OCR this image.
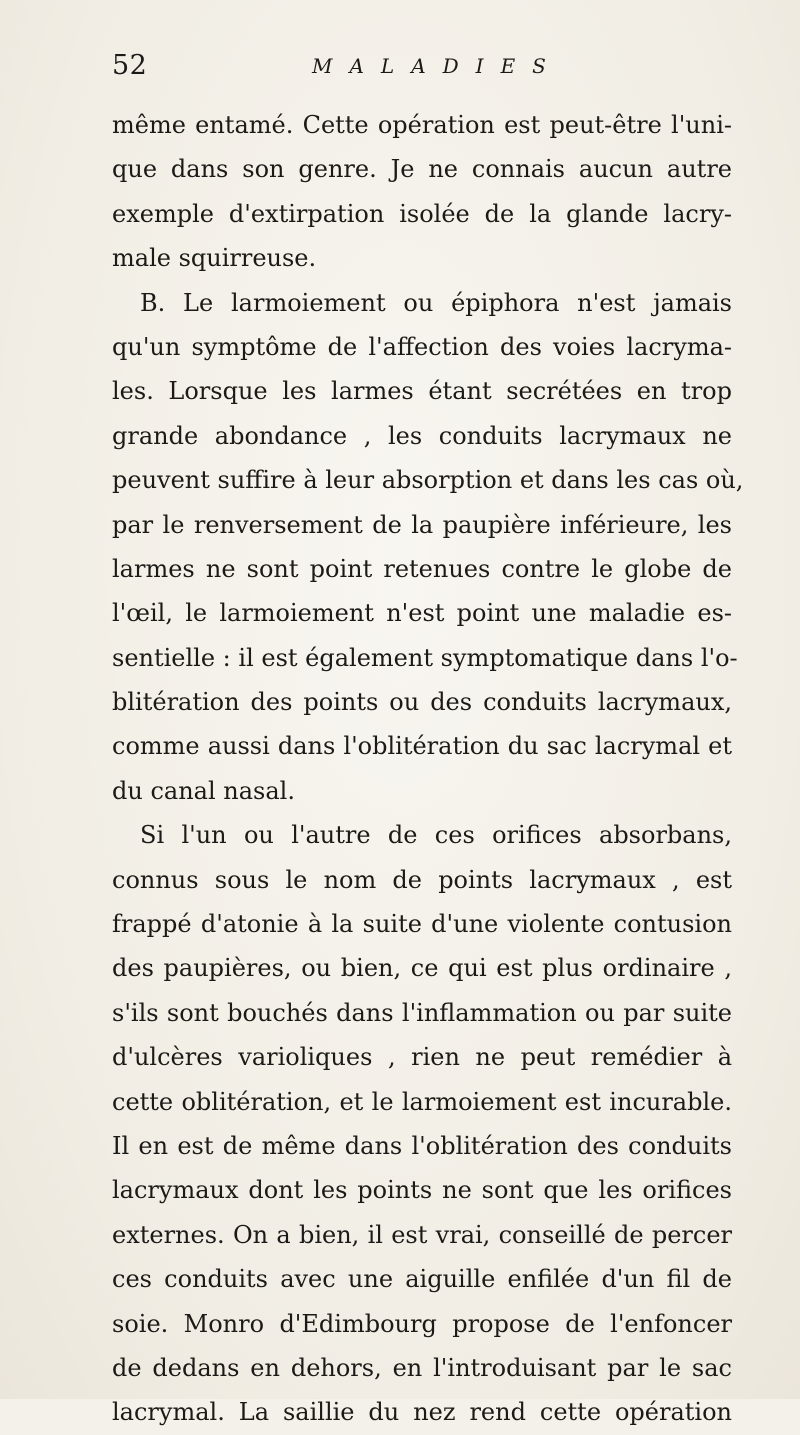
52	MALADIES
même entamé. Cette opération est peut-être l'uni-
que dans son genre. Je ne connais aucun autre
exemple d'extirpation isolée de la glande lacry-
male squirreuse.
B. Le larmoiement ou épiphora n'est jamais
qu'un symptôme de l'affection des voies lacryma-
les. Lorsque les larmes étant secrétées en trop
grande abondance , les conduits lacrymaux ne
peuvent suffire à leur absorption et dans les cas où,
par le renversement de la paupière inférieure, les
larmes ne sont point retenues contre le globe de
l'œil, le larmoiement n'est point une maladie es-
sentielle : il est également symptomatique dans l'o-
blitération des points ou des conduits lacrymaux,
comme aussi dans l'oblitération du sac lacrymal et
du canal nasal.
Si l'un ou l'autre de ces orifices absorbans,
connus sous le nom de points lacrymaux , est
frappé d'atonie à la suite d'une violente contusion
des paupières, ou bien, ce qui est plus ordinaire ,
s'ils sont bouchés dans l'inflammation ou par suite
d'ulcères varioliques , rien ne peut remédier à
cette oblitération, et le larmoiement est incurable.
Il en est de même dans l'oblitération des conduits
lacrymaux dont les points ne sont que les orifices
externes. On a bien, il est vrai, conseillé de percer
ces conduits avec une aiguille enfilée d'un fil de
soie. Monro d'Edimbourg propose de l'enfoncer
de dedans en dehors, en l'introduisant par le sac
lacrymal. La saillie du nez rend cette opération
